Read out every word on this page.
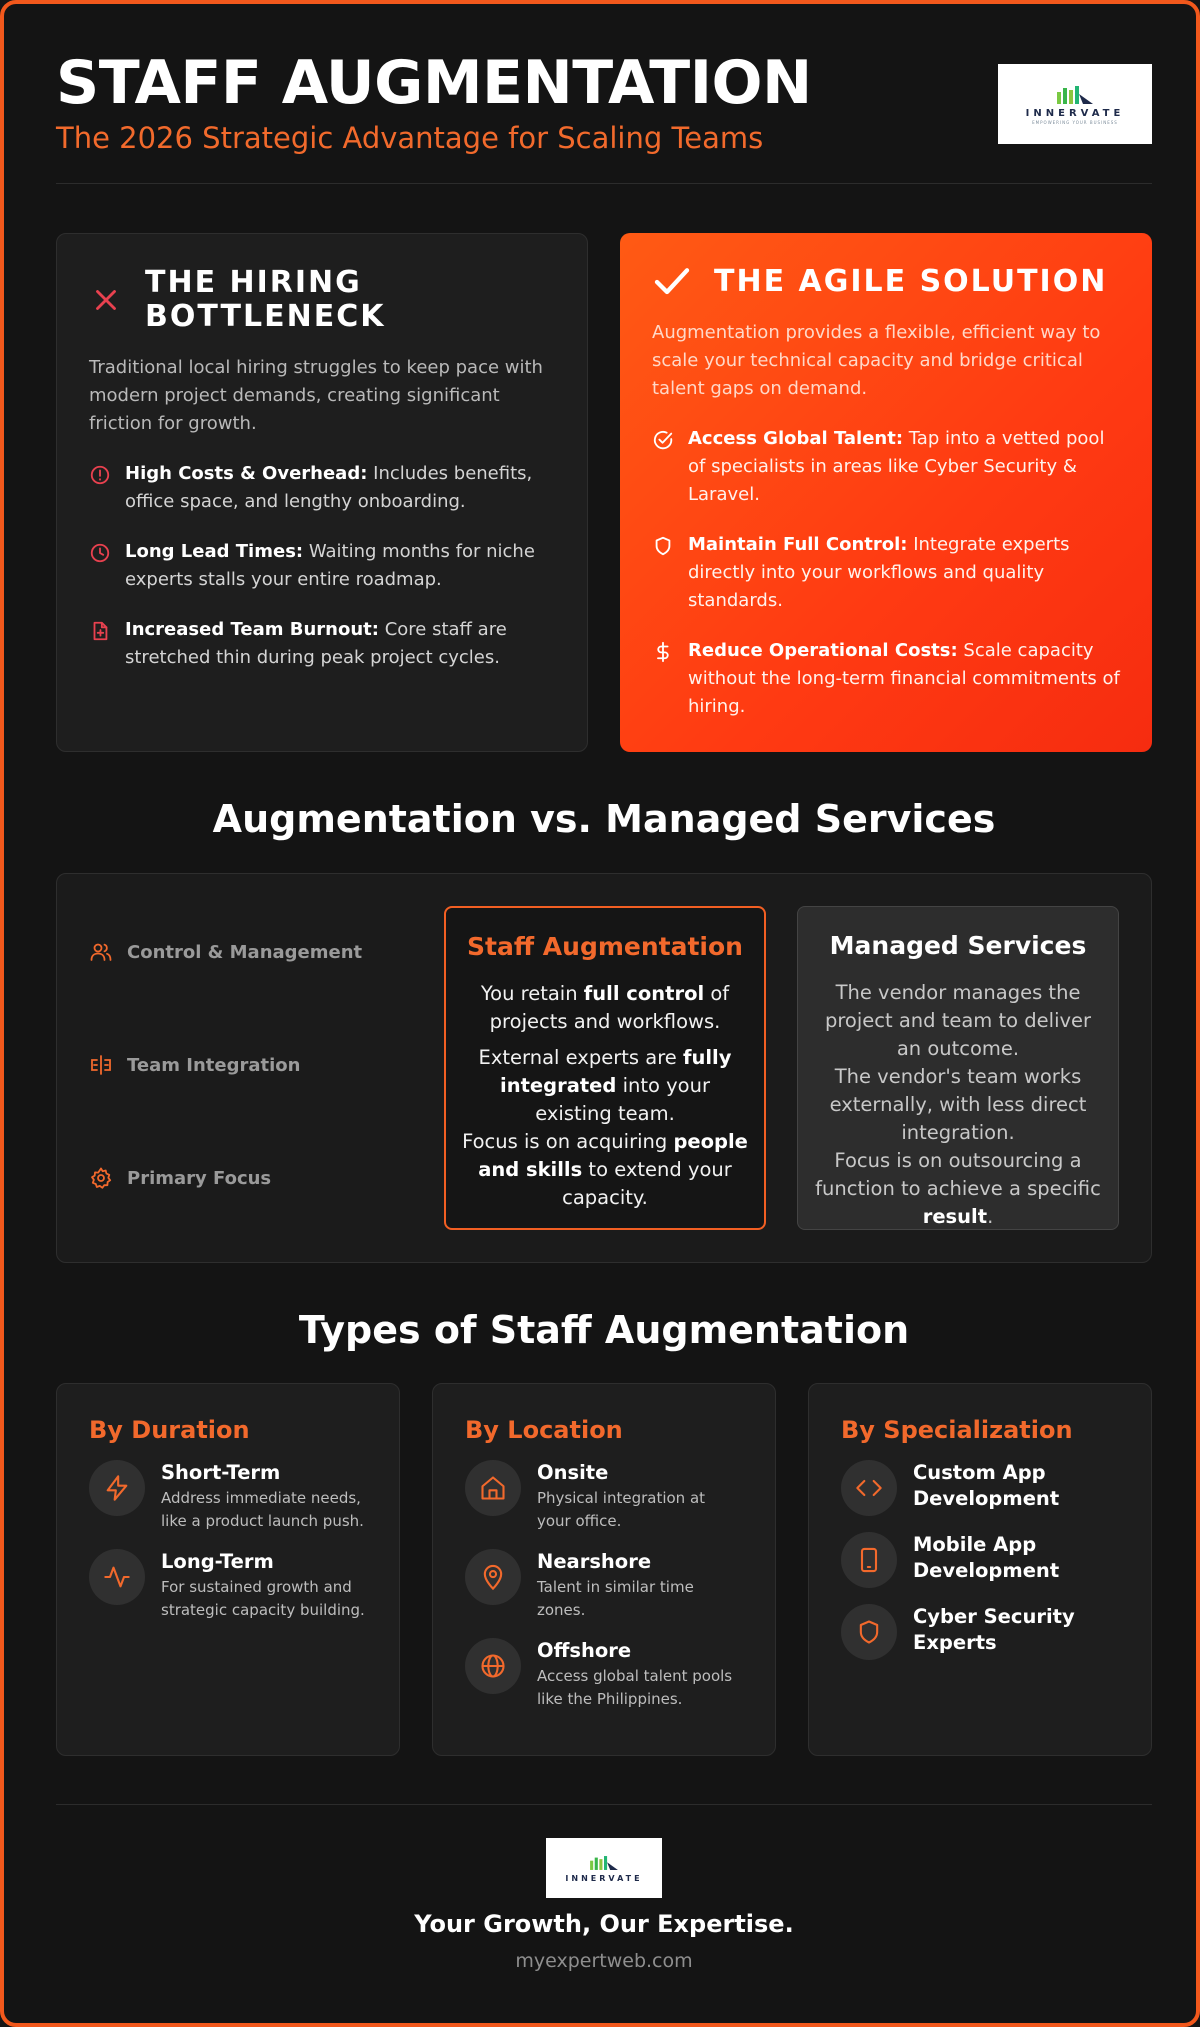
STAFF AUGMENTATION
The 2026 Strategic Advantage for Scaling Teams
INNERVATE
EMPOWERING YOUR BUSINESS
THE HIRING
BOTTLENECK
Traditional local hiring struggles to keep pace with modern project demands, creating significant friction for growth.
High Costs & Overhead: Includes benefits, office space, and lengthy onboarding.
Long Lead Times: Waiting months for niche experts stalls your entire roadmap.
Increased Team Burnout: Core staff are stretched thin during peak project cycles.
THE AGILE SOLUTION
Augmentation provides a flexible, efficient way to scale your technical capacity and bridge critical talent gaps on demand.
Access Global Talent: Tap into a vetted pool of specialists in areas like Cyber Security & Laravel.
Maintain Full Control: Integrate experts directly into your workflows and quality standards.
Reduce Operational Costs: Scale capacity without the long-term financial commitments of hiring.
Augmentation vs. Managed Services
Control & Management
Team Integration
Primary Focus
Staff Augmentation
You retain full control of projects and workflows.
External experts are fully integrated into your existing team.
Focus is on acquiring people and skills to extend your capacity.
Managed Services
The vendor manages the project and team to deliver an outcome.
The vendor's team works externally, with less direct integration.
Focus is on outsourcing a function to achieve a specific result.
Types of Staff Augmentation
By Duration
Short-Term
Address immediate needs, like a product launch push.
Long-Term
For sustained growth and strategic capacity building.
By Location
Onsite
Physical integration at your office.
Nearshore
Talent in similar time zones.
Offshore
Access global talent pools like the Philippines.
By Specialization
Custom App Development
Mobile App Development
Cyber Security Experts
INNERVATE
Your Growth, Our Expertise.
myexpertweb.com
